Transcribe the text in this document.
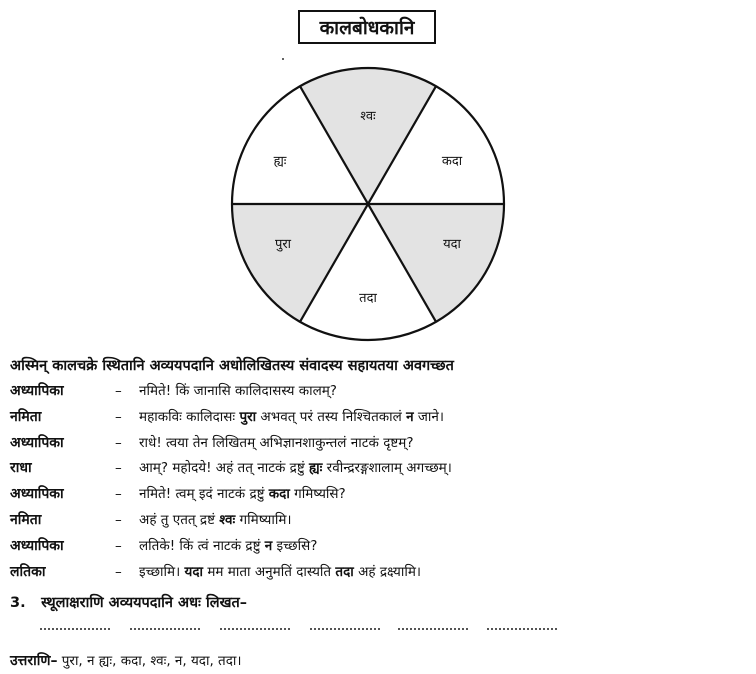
कालबोधकानि
श्वः
कदा
यदा
तदा
पुरा
ह्यः
अस्मिन् कालचक्रे स्थितानि अव्ययपदानि अधोलिखितस्य संवादस्य सहायतया अवगच्छत
अध्यापिका	–	नमिते! किं जानासि कालिदासस्य कालम्?
नमिता	–	महाकविः कालिदासः पुरा अभवत् परं तस्य निश्चितकालं न जाने।
अध्यापिका	–	राधे! त्वया तेन लिखितम् अभिज्ञानशाकुन्तलं नाटकं दृष्टम्?
राधा	–	आम्? महोदये! अहं तत् नाटकं द्रष्टुं ह्यः रवीन्द्ररङ्गशालाम् अगच्छम्।
अध्यापिका	–	नमिते! त्वम् इदं नाटकं द्रष्टुं कदा गमिष्यसि?
नमिता	–	अहं तु एतत् द्रष्टं श्वः गमिष्यामि।
अध्यापिका	–	लतिके! किं त्वं नाटकं द्रष्टुं न इच्छसि?
लतिका	–	इच्छामि। यदा मम माता अनुमतिं दास्यति तदा अहं द्रक्ष्यामि।
3. स्थूलाक्षराणि अव्ययपदानि अधः लिखत–
उत्तराणि– पुरा, न ह्यः, कदा, श्वः, न, यदा, तदा।
